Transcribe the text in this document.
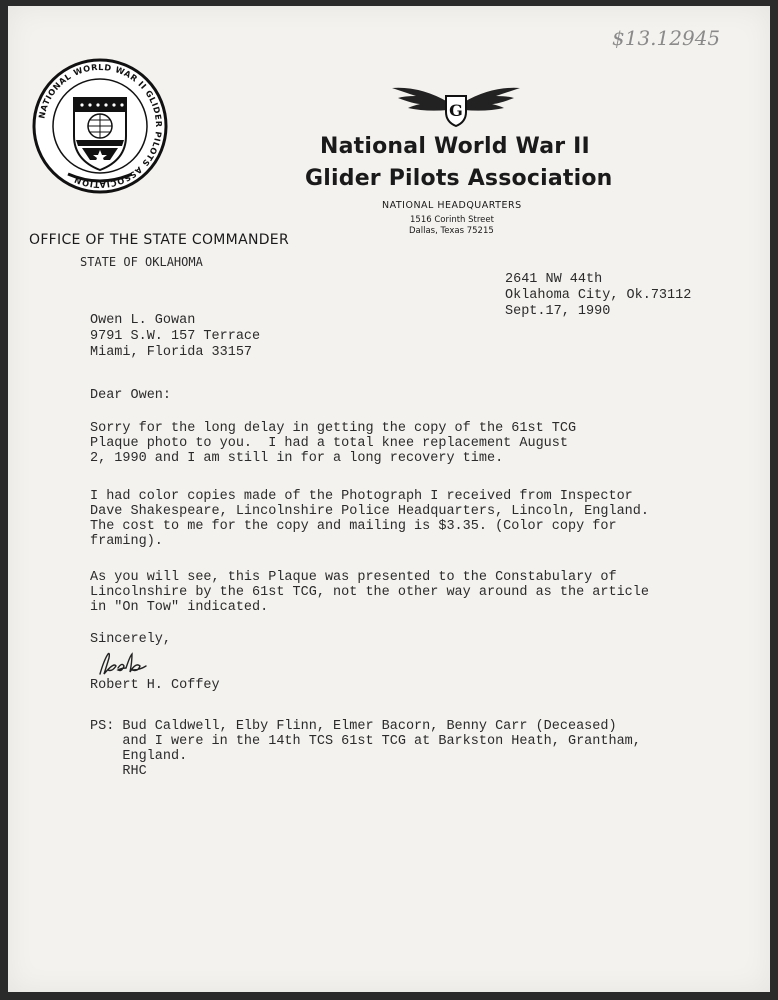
$13.12945
NATIONAL WORLD WAR II GLIDER PILOTS ASSOCIATION
G
National World War II
Glider Pilots Association
NATIONAL HEADQUARTERS
1516 Corinth Street
Dallas, Texas 75215
OFFICE OF THE STATE COMMANDER
STATE OF OKLAHOMA
2641 NW 44th
Oklahoma City, Ok.73112
Sept.17, 1990
Owen L. Gowan
9791 S.W. 157 Terrace
Miami, Florida 33157
Dear Owen:
Sorry for the long delay in getting the copy of the 61st TCG
Plaque photo to you.  I had a total knee replacement August
2, 1990 and I am still in for a long recovery time.
I had color copies made of the Photograph I received from Inspector
Dave Shakespeare, Lincolnshire Police Headquarters, Lincoln, England.
The cost to me for the copy and mailing is $3.35. (Color copy for
framing).
As you will see, this Plaque was presented to the Constabulary of
Lincolnshire by the 61st TCG, not the other way around as the article
in "On Tow" indicated.
Sincerely,
Robert H. Coffey
PS: Bud Caldwell, Elby Flinn, Elmer Bacorn, Benny Carr (Deceased)
and I were in the 14th TCS 61st TCG at Barkston Heath, Grantham,
England.
RHC
